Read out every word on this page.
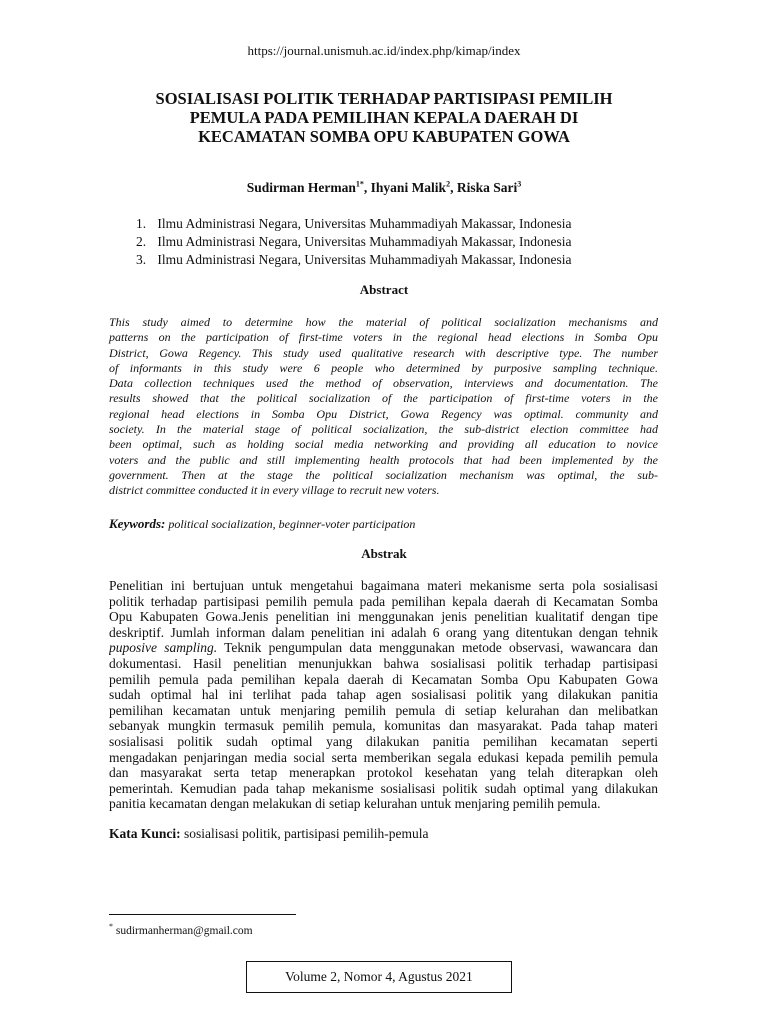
https://journal.unismuh.ac.id/index.php/kimap/index
SOSIALISASI POLITIK TERHADAP PARTISIPASI PEMILIH
PEMULA PADA PEMILIHAN KEPALA DAERAH DI
KECAMATAN SOMBA OPU KABUPATEN GOWA
Sudirman Herman$^{1*}$, Ihyani Malik$^2$, Riska Sari$^3$
1. Ilmu Administrasi Negara, Universitas Muhammadiyah Makassar, Indonesia
2. Ilmu Administrasi Negara, Universitas Muhammadiyah Makassar, Indonesia
3. Ilmu Administrasi Negara, Universitas Muhammadiyah Makassar, Indonesia
Abstract
This study aimed to determine how the material of political socialization mechanisms and
patterns on the participation of first-time voters in the regional head elections in Somba Opu
District, Gowa Regency. This study used qualitative research with descriptive type. The number
of informants in this study were 6 people who determined by purposive sampling technique.
Data collection techniques used the method of observation, interviews and documentation. The
results showed that the political socialization of the participation of first-time voters in the
regional head elections in Somba Opu District, Gowa Regency was optimal. community and
society. In the material stage of political socialization, the sub-district election committee had
been optimal, such as holding social media networking and providing all education to novice
voters and the public and still implementing health protocols that had been implemented by the
government. Then at the stage the political socialization mechanism was optimal, the sub-
district committee conducted it in every village to recruit new voters.
Keywords: political socialization, beginner-voter participation
Abstrak
Penelitian ini bertujuan untuk mengetahui bagaimana materi mekanisme serta pola sosialisasi
politik terhadap partisipasi pemilih pemula pada pemilihan kepala daerah di Kecamatan Somba
Opu Kabupaten Gowa.Jenis penelitian ini menggunakan jenis penelitian kualitatif dengan tipe
deskriptif. Jumlah informan dalam penelitian ini adalah 6 orang yang ditentukan dengan tehnik
puposive sampling. Teknik pengumpulan data menggunakan metode observasi, wawancara dan
dokumentasi. Hasil penelitian menunjukkan bahwa sosialisasi politik terhadap partisipasi
pemilih pemula pada pemilihan kepala daerah di Kecamatan Somba Opu Kabupaten Gowa
sudah optimal hal ini terlihat pada tahap agen sosialisasi politik yang dilakukan panitia
pemilihan kecamatan untuk menjaring pemilih pemula di setiap kelurahan dan melibatkan
sebanyak mungkin termasuk pemilih pemula, komunitas dan masyarakat. Pada tahap materi
sosialisasi politik sudah optimal yang dilakukan panitia pemilihan kecamatan seperti
mengadakan penjaringan media social serta memberikan segala edukasi kepada pemilih pemula
dan masyarakat serta tetap menerapkan protokol kesehatan yang telah diterapkan oleh
pemerintah. Kemudian pada tahap mekanisme sosialisasi politik sudah optimal yang dilakukan
panitia kecamatan dengan melakukan di setiap kelurahan untuk menjaring pemilih pemula.
Kata Kunci: sosialisasi politik, partisipasi pemilih-pemula
* sudirmanherman@gmail.com
Volume 2, Nomor 4, Agustus 2021
